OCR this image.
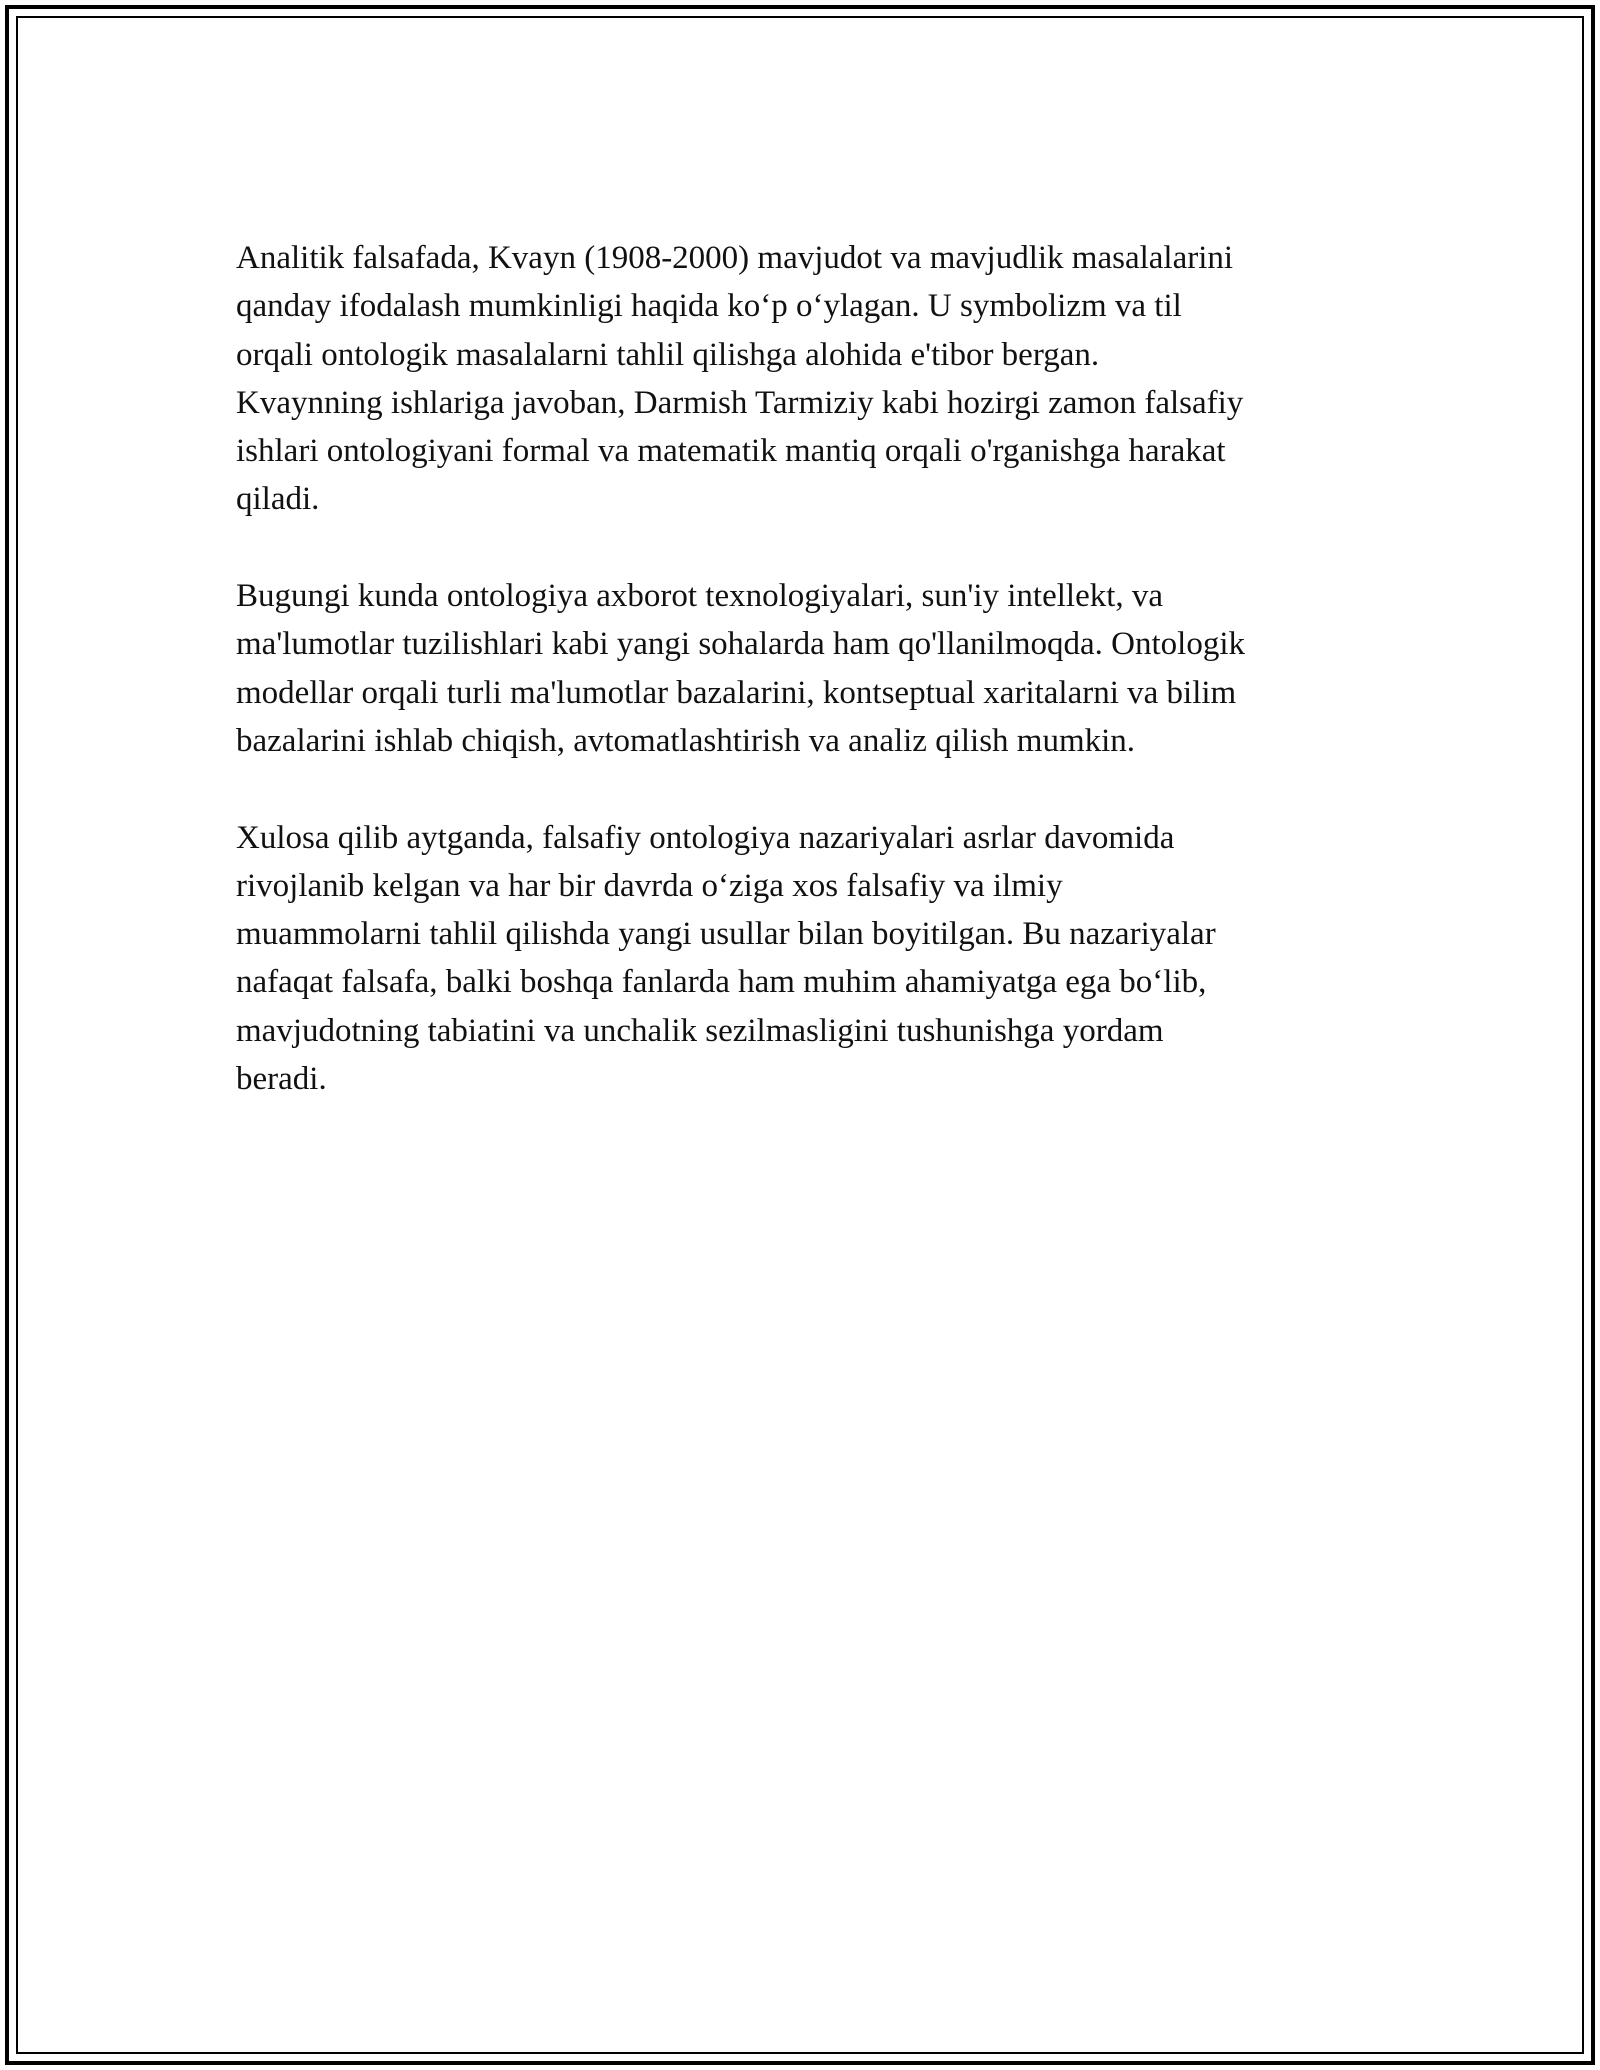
Analitik falsafada, Kvayn (1908-2000) mavjudot va mavjudlik masalalarini
qanday ifodalash mumkinligi haqida ko‘p o‘ylagan. U symbolizm va til
orqali ontologik masalalarni tahlil qilishga alohida e'tibor bergan.
Kvaynning ishlariga javoban, Darmish Tarmiziy kabi hozirgi zamon falsafiy
ishlari ontologiyani formal va matematik mantiq orqali o'rganishga harakat
qiladi.

Bugungi kunda ontologiya axborot texnologiyalari, sun'iy intellekt, va
ma'lumotlar tuzilishlari kabi yangi sohalarda ham qo'llanilmoqda. Ontologik
modellar orqali turli ma'lumotlar bazalarini, kontseptual xaritalarni va bilim
bazalarini ishlab chiqish, avtomatlashtirish va analiz qilish mumkin.

Xulosa qilib aytganda, falsafiy ontologiya nazariyalari asrlar davomida
rivojlanib kelgan va har bir davrda o‘ziga xos falsafiy va ilmiy
muammolarni tahlil qilishda yangi usullar bilan boyitilgan. Bu nazariyalar
nafaqat falsafa, balki boshqa fanlarda ham muhim ahamiyatga ega bo‘lib,
mavjudotning tabiatini va unchalik sezilmasligini tushunishga yordam
beradi.
